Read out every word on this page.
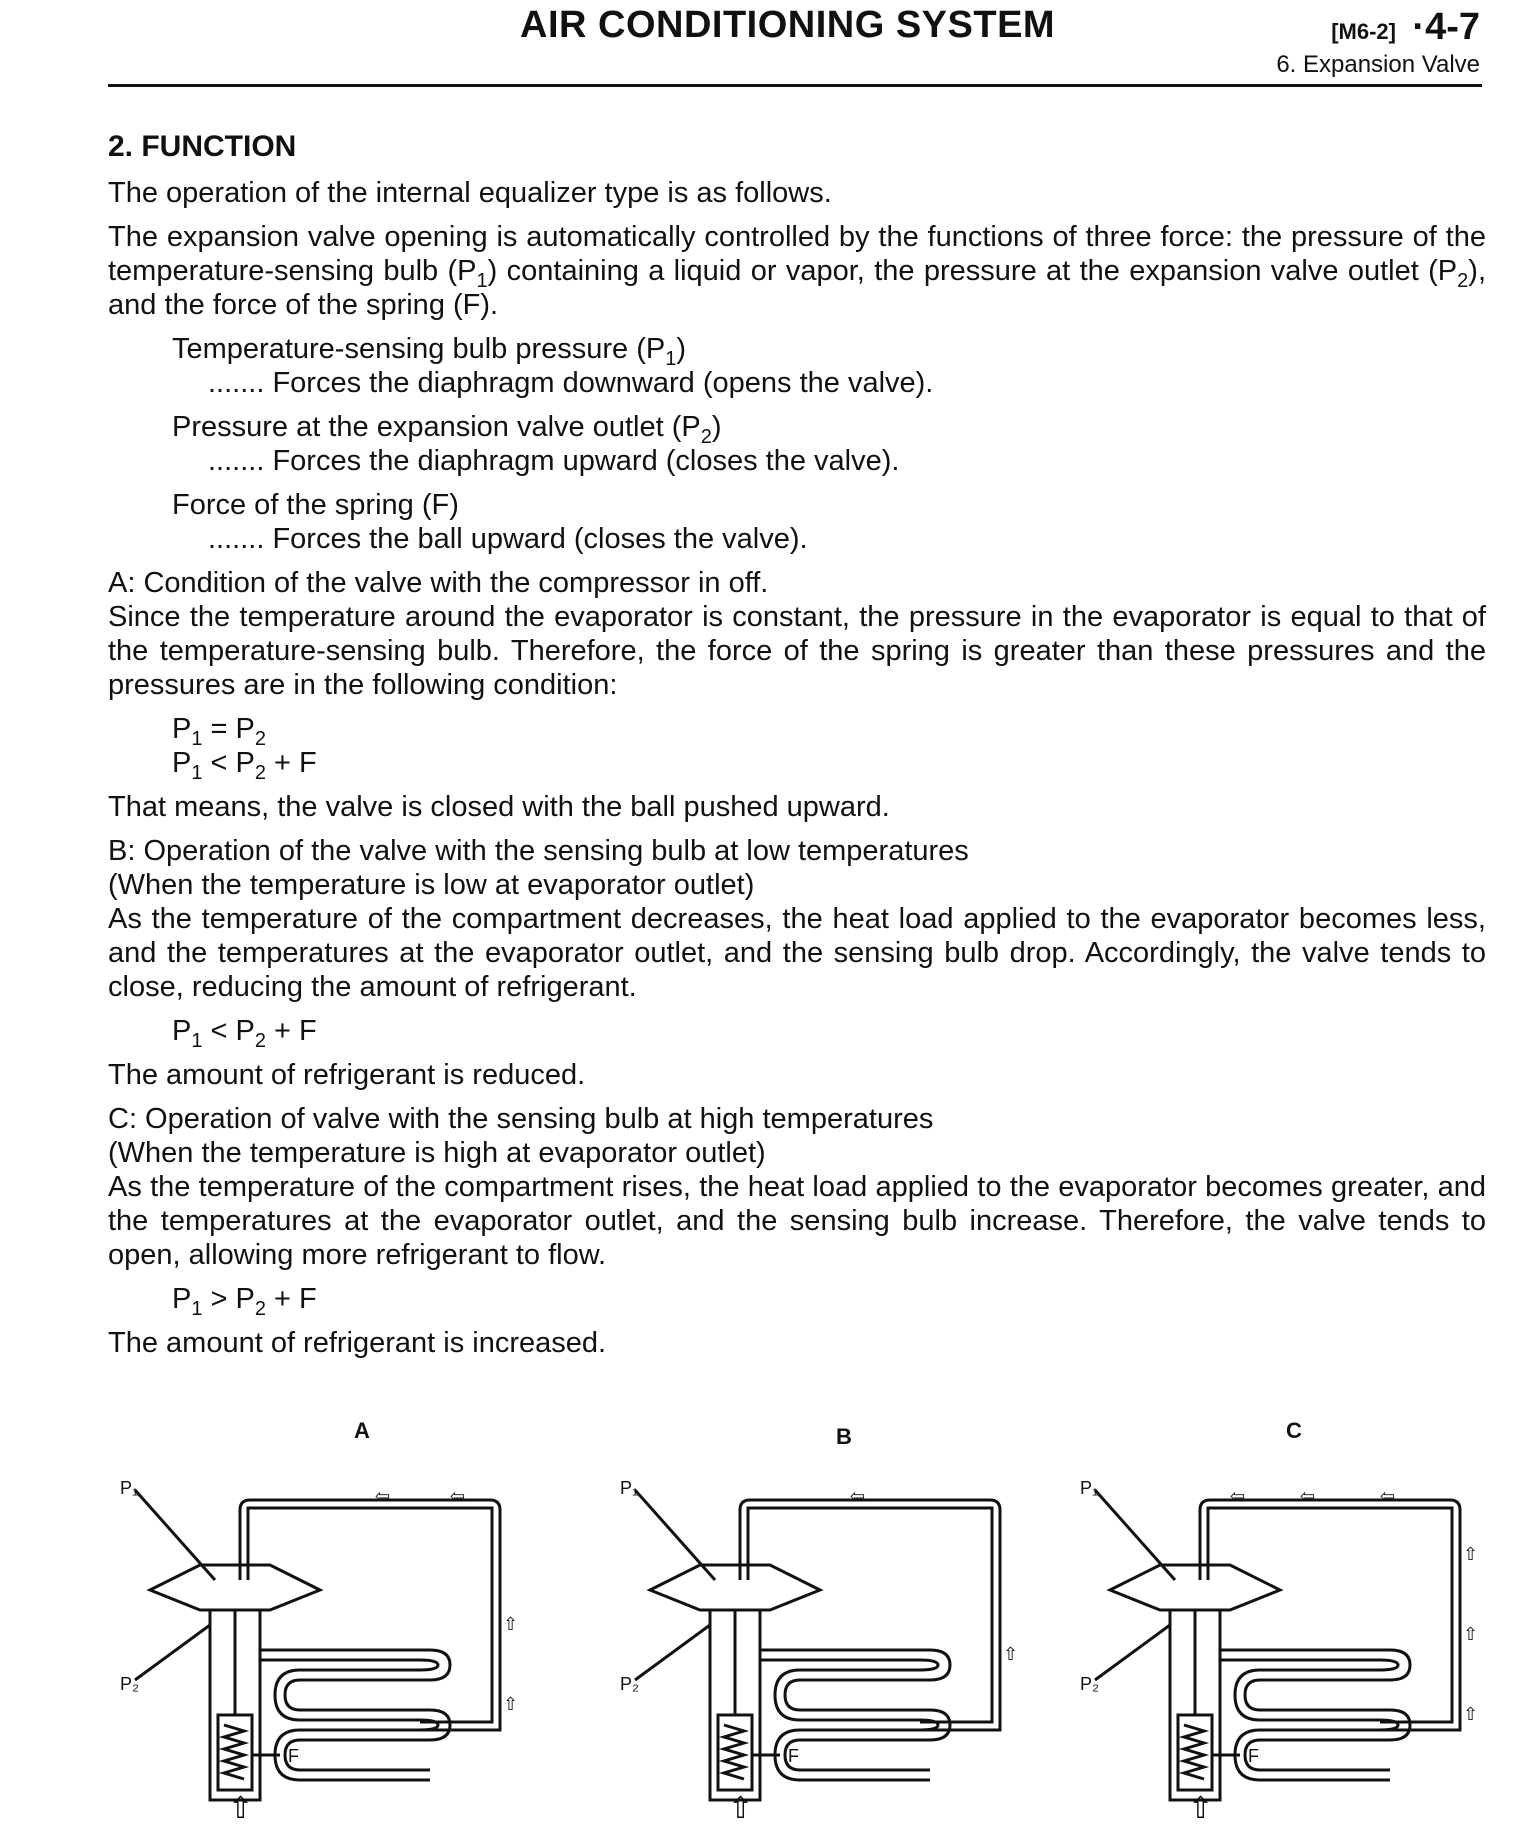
AIR CONDITIONING SYSTEM	[M6-2] ·4-7
6. Expansion Valve

2. FUNCTION

The operation of the internal equalizer type is as follows.

The expansion valve opening is automatically controlled by the functions of three force: the pressure of the temperature-sensing bulb $(P_1)$ containing a liquid or vapor, the pressure at the expansion valve outlet $(P_2)$, and the force of the spring (F).

Temperature-sensing bulb pressure $(P_1)$

....... Forces the diaphragm downward (opens the valve).

Pressure at the expansion valve outlet $(P_2)$

....... Forces the diaphragm upward (closes the valve).

Force of the spring (F)

....... Forces the ball upward (closes the valve).

A: Condition of the valve with the compressor in off.

Since the temperature around the evaporator is constant, the pressure in the evaporator is equal to that of the temperature-sensing bulb. Therefore, the force of the spring is greater than these pressures and the pressures are in the following condition:

$P_1 = P_2$

$P_1 < P_2 + F$

That means, the valve is closed with the ball pushed upward.

B: Operation of the valve with the sensing bulb at low temperatures

(When the temperature is low at evaporator outlet)

As the temperature of the compartment decreases, the heat load applied to the evaporator becomes less, and the temperatures at the evaporator outlet, and the sensing bulb drop. Accordingly, the valve tends to close, reducing the amount of refrigerant.

$P_1 < P_2 + F$

The amount of refrigerant is reduced.

C: Operation of valve with the sensing bulb at high temperatures

(When the temperature is high at evaporator outlet)

As the temperature of the compartment rises, the heat load applied to the evaporator becomes greater, and the temperatures at the evaporator outlet, and the sensing bulb increase. Therefore, the valve tends to open, allowing more refrigerant to flow.

$P_1 > P_2 + F$

The amount of refrigerant is increased.

A	B	C
P₁
P₂
F
⇧
⇦	⇦
⇧
⇧
P₁
P₂
F
⇧
⇦
⇧
P₁
P₂
F
⇧
⇦	⇦	⇦
⇧
⇧
⇧
